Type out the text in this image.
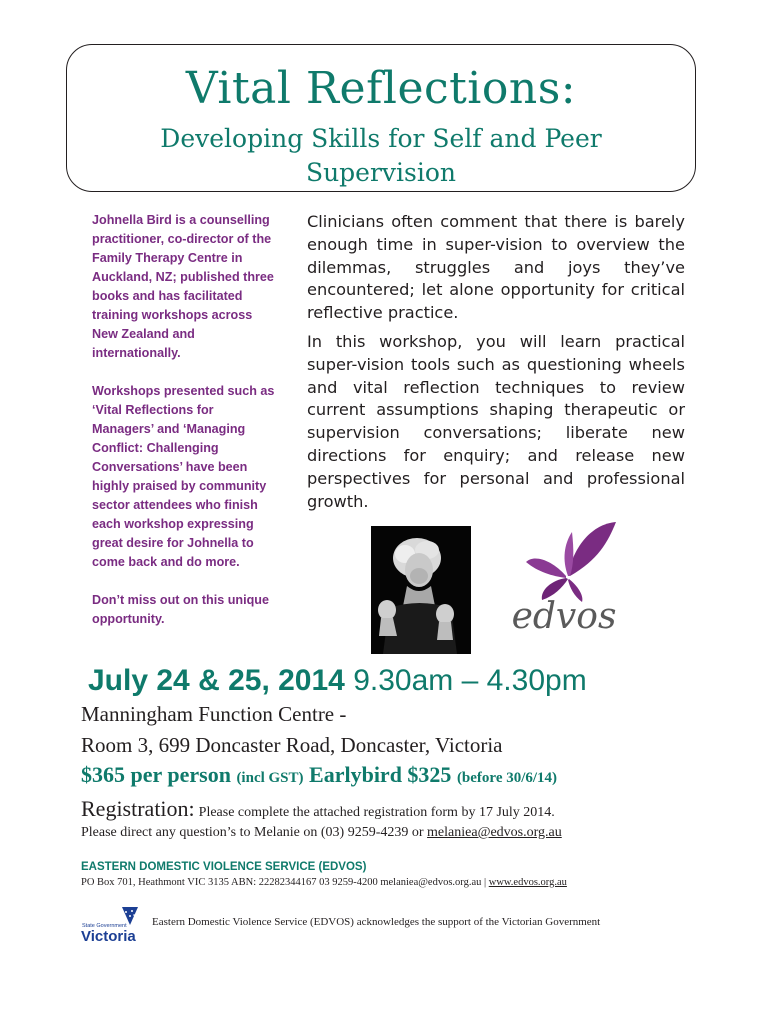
Vital Reflections:
Developing Skills for Self and Peer Supervision

Johnella Bird is a counselling practitioner, co-director of the Family Therapy Centre in Auckland, NZ; published three books and has facilitated training workshops across New Zealand and internationally.

Workshops presented such as ‘Vital Reflections for Managers’ and ‘Managing Conflict: Challenging Conversations’ have been highly praised by community sector attendees who finish each workshop expressing great desire for Johnella to come back and do more.

Don’t miss out on this unique opportunity.

Clinicians often comment that there is barely enough time in super-vision to overview the dilemmas, struggles and joys they’ve encountered; let alone opportunity for critical reflective practice.

In this workshop, you will learn practical super-vision tools such as questioning wheels and vital reflection techniques to review current assumptions shaping therapeutic or supervision conversations; liberate new directions for enquiry; and release new perspectives for personal and professional growth.

edvos
July 24 & 25, 2014 9.30am – 4.30pm
Manningham Function Centre -
Room 3, 699 Doncaster Road, Doncaster, Victoria
$365 per person (incl GST) Earlybird $325 (before 30/6/14)
Registration: Please complete the attached registration form by 17 July 2014.
Please direct any question’s to Melanie on (03) 9259-4239 or melaniea@edvos.org.au
EASTERN DOMESTIC VIOLENCE SERVICE (EDVOS)
PO Box 701, Heathmont VIC 3135 ABN: 22282344167 03 9259-4200 melaniea@edvos.org.au | www.edvos.org.au
State Government
Victoria
Eastern Domestic Violence Service (EDVOS) acknowledges the support of the Victorian Government
